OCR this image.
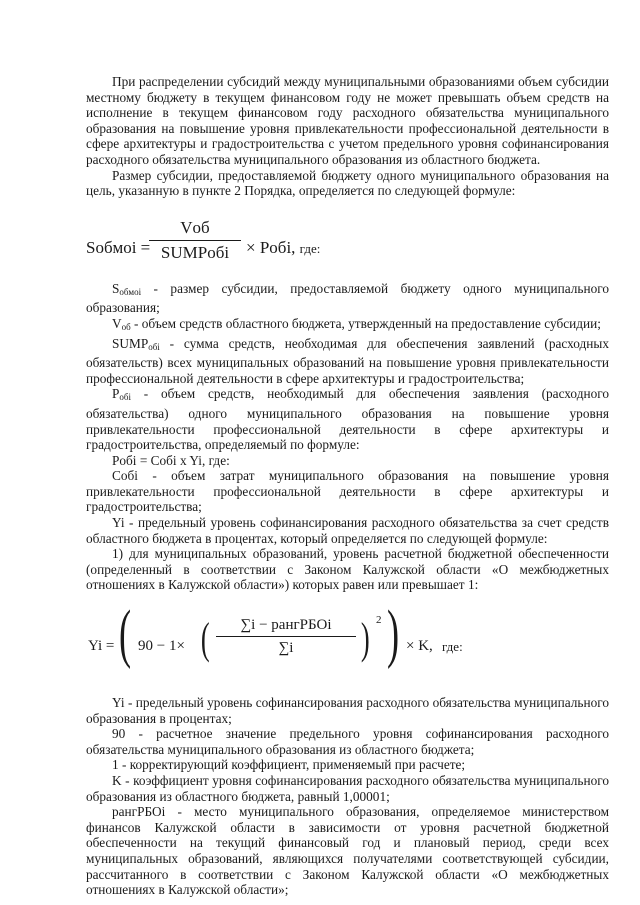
При распределении субсидий между муниципальными образованиями объем субсидии местному бюджету в текущем финансовом году не может превышать объем средств на исполнение в текущем финансовом году расходного обязательства муниципального образования на повышение уровня привлекательности профессиональной деятельности в сфере архитектуры и градостроительства с учетом предельного уровня софинансирования расходного обязательства муниципального образования из областного бюджета.

Размер субсидии, предоставляемой бюджету одного муниципального образования на цель, указанную в пункте 2 Порядка, определяется по следующей формуле:

Sобмоi =
Vоб
SUMPобi × Pобi, где:

$S_{обмоi}$ - размер субсидии, предоставляемой бюджету одного муниципального образования;

$V_{об}$ - объем средств областного бюджета, утвержденный на предоставление субсидии;

$SUMP_{обi}$ - сумма средств, необходимая для обеспечения заявлений (расходных обязательств) всех муниципальных образований на повышение уровня привлекательности профессиональной деятельности в сфере архитектуры и градостроительства;

$P_{обi}$ - объем средств, необходимый для обеспечения заявления (расходного обязательства) одного муниципального образования на повышение уровня привлекательности профессиональной деятельности в сфере архитектуры и градостроительства, определяемый по формуле:

Pобi = Cобi x Yi, где:

Cобi - объем затрат муниципального образования на повышение уровня привлекательности профессиональной деятельности в сфере архитектуры и градостроительства;

Yi - предельный уровень софинансирования расходного обязательства за счет средств областного бюджета в процентах, который определяется по следующей формуле:

1) для муниципальных образований, уровень расчетной бюджетной обеспеченности (определенный в соответствии с Законом Калужской области «О межбюджетных отношениях в Калужской области») которых равен или превышает 1:

Yi = ( 90 − 1× (	∑i − рангРБОi
∑i	) 2 ) × K, где:

Yi - предельный уровень софинансирования расходного обязательства муниципального образования в процентах;

90 - расчетное значение предельного уровня софинансирования расходного обязательства муниципального образования из областного бюджета;

1 - корректирующий коэффициент, применяемый при расчете;

K - коэффициент уровня софинансирования расходного обязательства муниципального образования из областного бюджета, равный 1,00001;

рангРБОi - место муниципального образования, определяемое министерством финансов Калужской области в зависимости от уровня расчетной бюджетной обеспеченности на текущий финансовый год и плановый период, среди всех муниципальных образований, являющихся получателями соответствующей субсидии, рассчитанного в соответствии с Законом Калужской области «О межбюджетных отношениях в Калужской области»;
